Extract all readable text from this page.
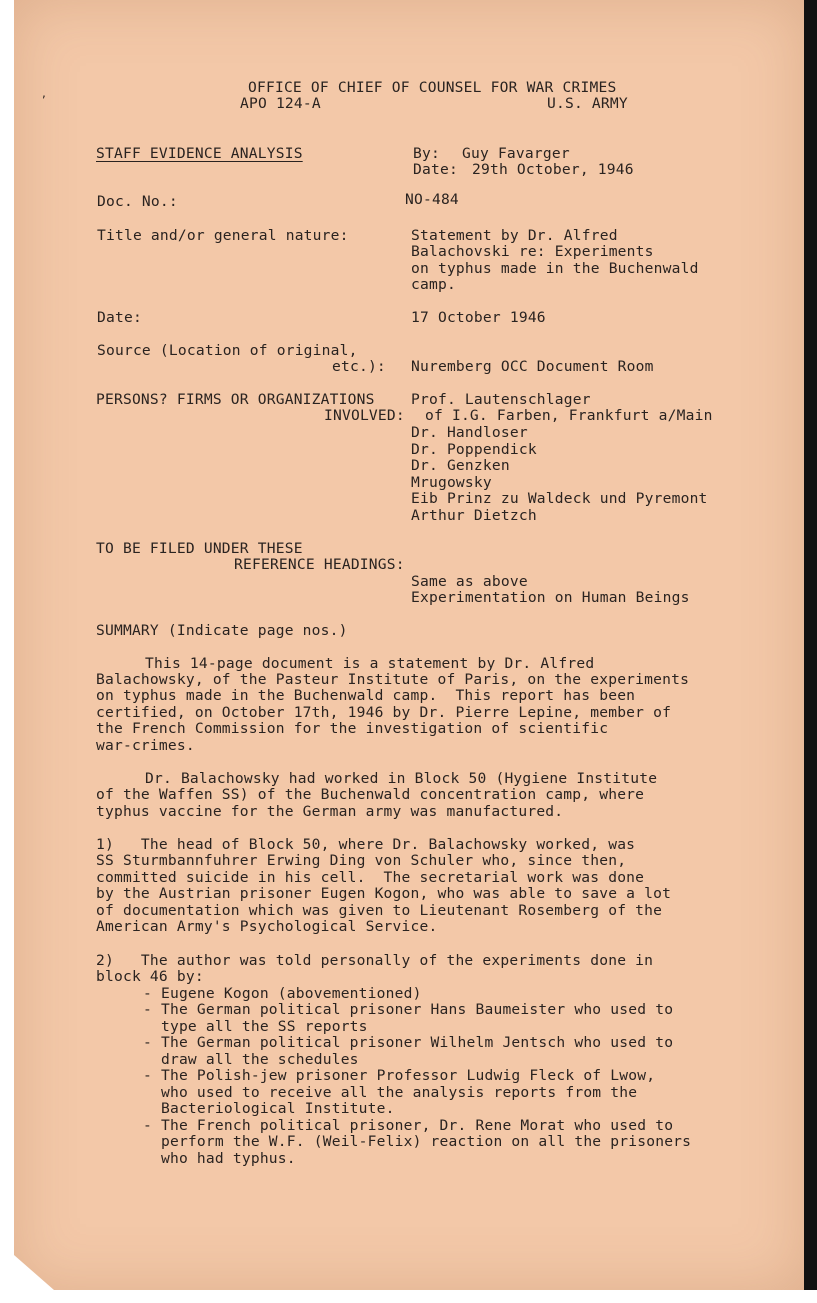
,	OFFICE OF CHIEF OF COUNSEL FOR WAR CRIMES
APO 124-A	U.S. ARMY
STAFF EVIDENCE ANALYSIS	By: Guy Favarger
Date: 29th October, 1946
Doc. No.:	NO-484
Title and/or general nature:	Statement by Dr. Alfred
Balachovski re: Experiments
on typhus made in the Buchenwald
camp.
Date:	17 October 1946
Source (Location of original,
etc.): Nuremberg OCC Document Room
PERSONS? FIRMS OR ORGANIZATIONS
INVOLVED:
Prof. Lautenschlager
of I.G. Farben, Frankfurt a/Main
Dr. Handloser
Dr. Poppendick
Dr. Genzken
Mrugowsky
Eib Prinz zu Waldeck und Pyremont
Arthur Dietzch
TO BE FILED UNDER THESE
REFERENCE HEADINGS:
Same as above
Experimentation on Human Beings
SUMMARY (Indicate page nos.)
This 14-page document is a statement by Dr. Alfred
Balachowsky, of the Pasteur Institute of Paris, on the experiments
on typhus made in the Buchenwald camp.  This report has been
certified, on October 17th, 1946 by Dr. Pierre Lepine, member of
the French Commission for the investigation of scientific
war-crimes.
Dr. Balachowsky had worked in Block 50 (Hygiene Institute
of the Waffen SS) of the Buchenwald concentration camp, where
typhus vaccine for the German army was manufactured.
1)   The head of Block 50, where Dr. Balachowsky worked, was
SS Sturmbannfuhrer Erwing Ding von Schuler who, since then,
committed suicide in his cell.  The secretarial work was done
by the Austrian prisoner Eugen Kogon, who was able to save a lot
of documentation which was given to Lieutenant Rosemberg of the
American Army's Psychological Service.
2)   The author was told personally of the experiments done in
block 46 by:
- Eugene Kogon (abovementioned)
- The German political prisoner Hans Baumeister who used to
type all the SS reports
- The German political prisoner Wilhelm Jentsch who used to
draw all the schedules
- The Polish-jew prisoner Professor Ludwig Fleck of Lwow,
who used to receive all the analysis reports from the
Bacteriological Institute.
- The French political prisoner, Dr. Rene Morat who used to
perform the W.F. (Weil-Felix) reaction on all the prisoners
who had typhus.
